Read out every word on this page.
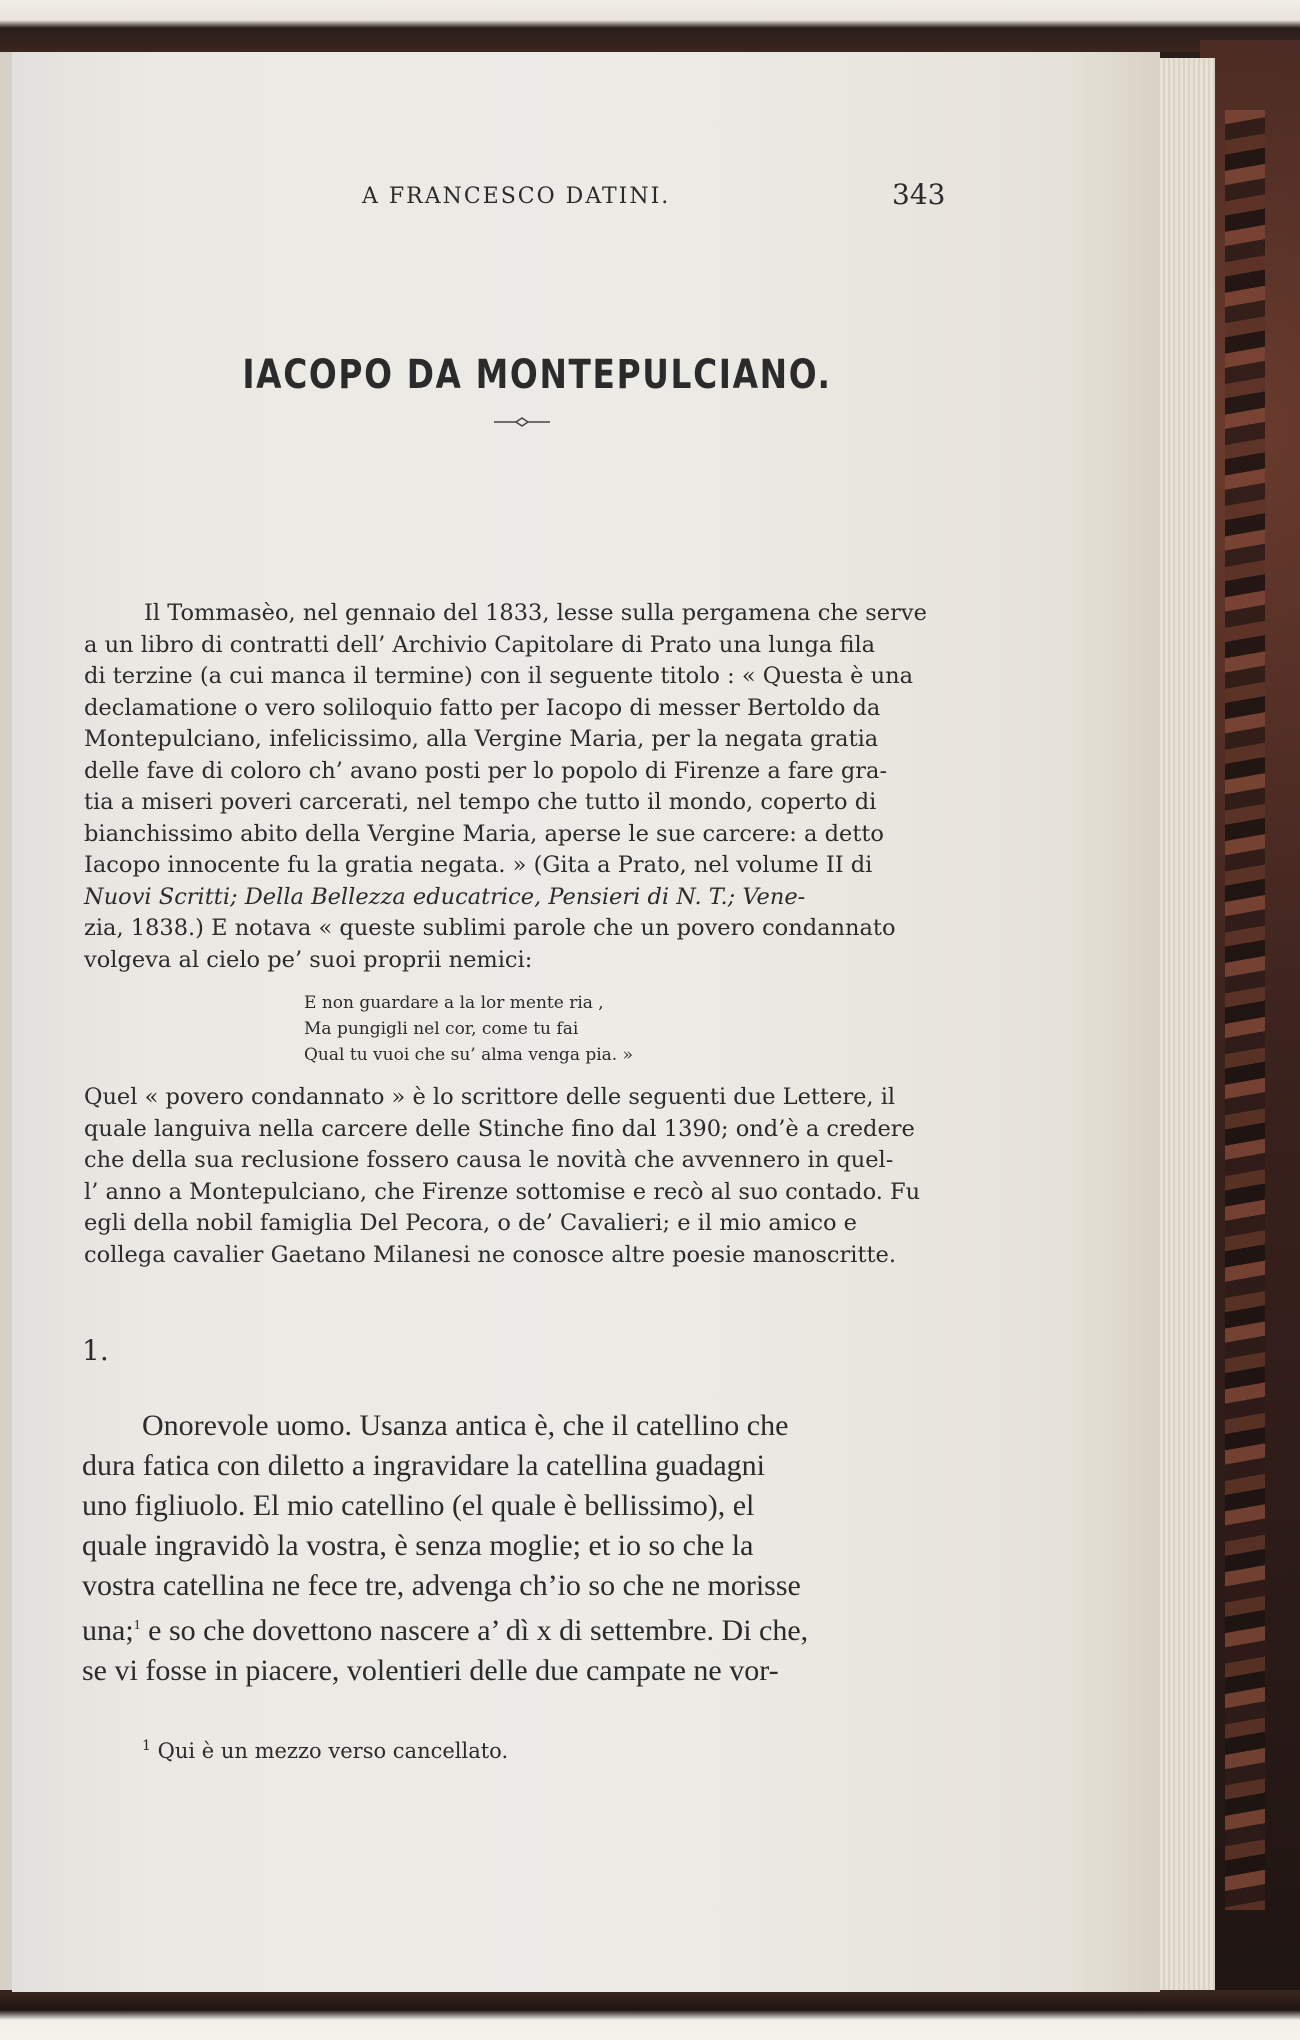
A FRANCESCO DATINI.	343
IACOPO DA MONTEPULCIANO.
Il Tommasèo, nel gennaio del 1833, lesse sulla pergamena che serve
a un libro di contratti dell’ Archivio Capitolare di Prato una lunga fila
di terzine (a cui manca il termine) con il seguente titolo : « Questa è una
declamatione o vero soliloquio fatto per Iacopo di messer Bertoldo da
Montepulciano, infelicissimo, alla Vergine Maria, per la negata gratia
delle fave di coloro ch’ avano posti per lo popolo di Firenze a fare gra-
tia a miseri poveri carcerati, nel tempo che tutto il mondo, coperto di
bianchissimo abito della Vergine Maria, aperse le sue carcere: a detto
Iacopo innocente fu la gratia negata. » (Gita a Prato, nel volume II di
Nuovi Scritti; Della Bellezza educatrice, Pensieri di N. T.; Vene-
zia, 1838.) E notava « queste sublimi parole che un povero condannato
volgeva al cielo pe’ suoi proprii nemici:
E non guardare a la lor mente ria ,
Ma pungigli nel cor, come tu fai
Qual tu vuoi che su’ alma venga pia. »
Quel « povero condannato » è lo scrittore delle seguenti due Lettere, il
quale languiva nella carcere delle Stinche fino dal 1390; ond’è a credere
che della sua reclusione fossero causa le novità che avvennero in quel-
l’ anno a Montepulciano, che Firenze sottomise e recò al suo contado. Fu
egli della nobil famiglia Del Pecora, o de’ Cavalieri; e il mio amico e
collega cavalier Gaetano Milanesi ne conosce altre poesie manoscritte.
1.
Onorevole uomo. Usanza antica è, che il catellino che
dura fatica con diletto a ingravidare la catellina guadagni
uno figliuolo. El mio catellino (el quale è bellissimo), el
quale ingravidò la vostra, è senza moglie; et io so che la
vostra catellina ne fece tre, advenga ch’io so che ne morisse
una;$^1$ e so che dovettono nascere a’ dì x di settembre. Di che,
se vi fosse in piacere, volentieri delle due campate ne vor-
$^1$ Qui è un mezzo verso cancellato.
